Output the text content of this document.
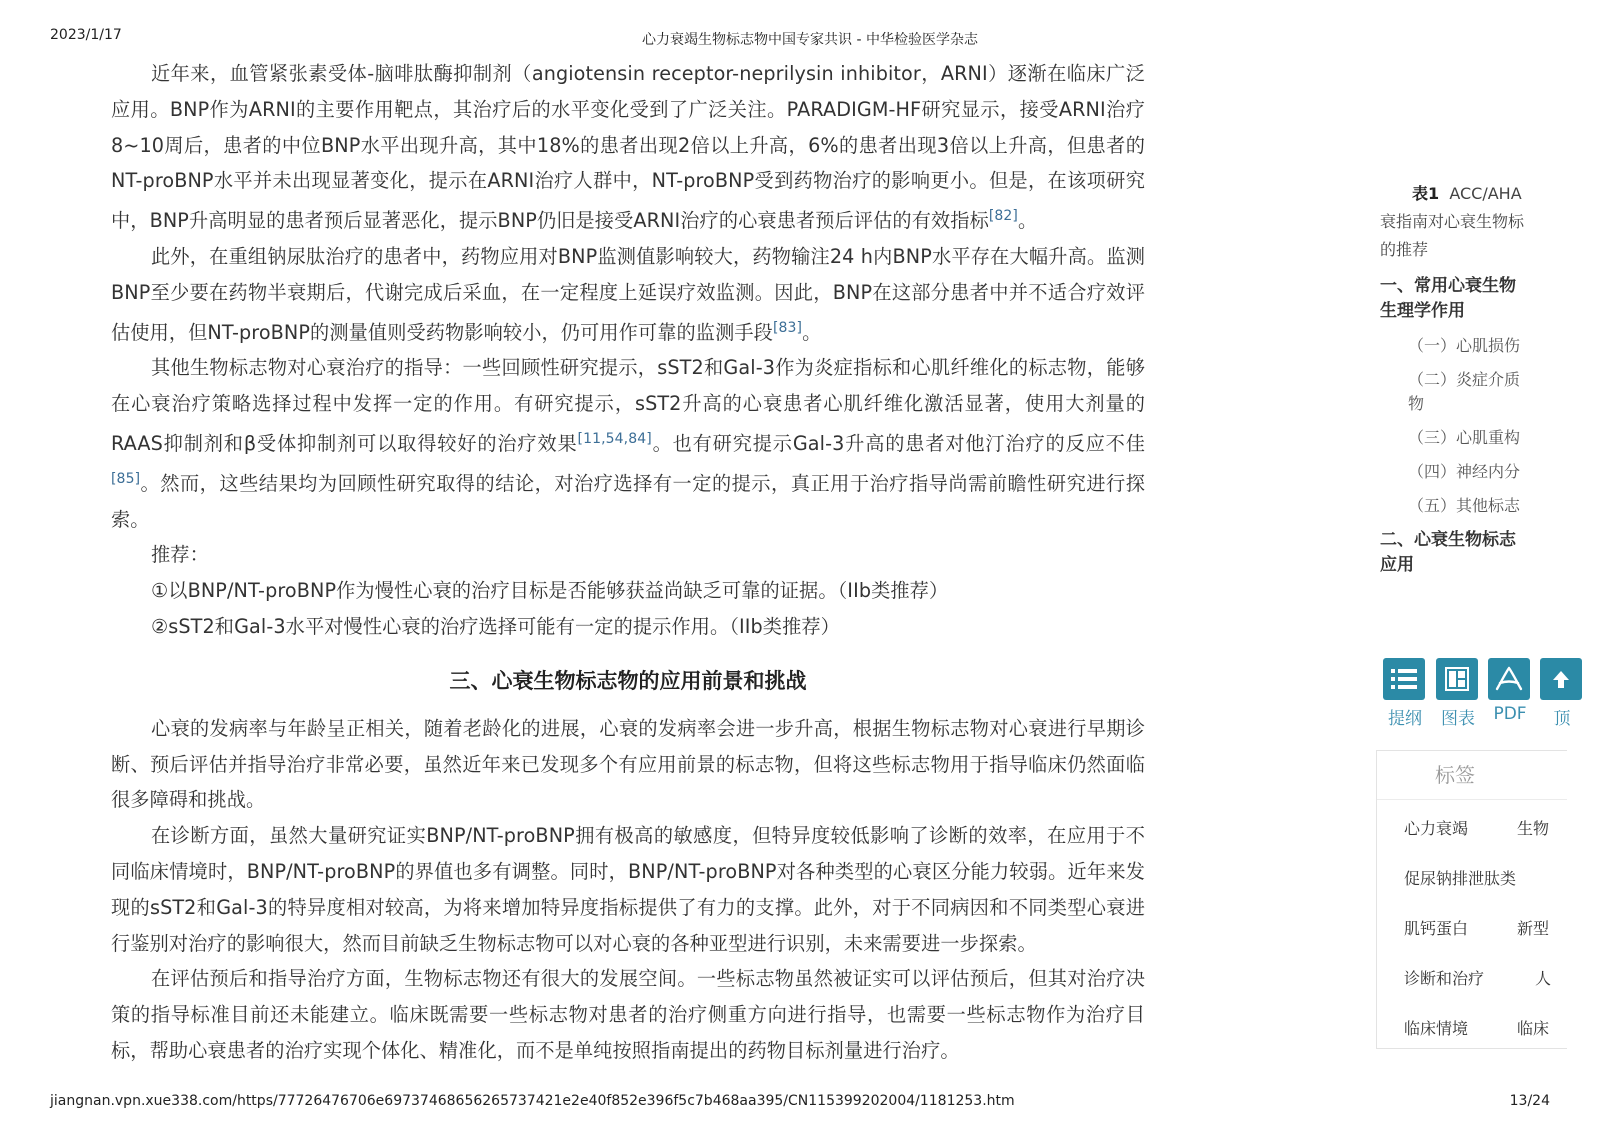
2023/1/17	心力衰竭生物标志物中国专家共识 - 中华检验医学杂志

近年来，血管紧张素受体-脑啡肽酶抑制剂（angiotensin receptor-neprilysin inhibitor，ARNI）逐渐在临床广泛应用。BNP作为ARNI的主要作用靶点，其治疗后的水平变化受到了广泛关注。PARADIGM-HF研究显示，接受ARNI治疗8~10周后，患者的中位BNP水平出现升高，其中18%的患者出现2倍以上升高，6%的患者出现3倍以上升高，但患者的NT-proBNP水平并未出现显著变化，提示在ARNI治疗人群中，NT-proBNP受到药物治疗的影响更小。但是，在该项研究中，BNP升高明显的患者预后显著恶化，提示BNP仍旧是接受ARNI治疗的心衰患者预后评估的有效指标[82]。

此外，在重组钠尿肽治疗的患者中，药物应用对BNP监测值影响较大，药物输注24 h内BNP水平存在大幅升高。监测BNP至少要在药物半衰期后，代谢完成后采血，在一定程度上延误疗效监测。因此，BNP在这部分患者中并不适合疗效评估使用，但NT-proBNP的测量值则受药物影响较小，仍可用作可靠的监测手段[83]。

其他生物标志物对心衰治疗的指导：一些回顾性研究提示，sST2和Gal-3作为炎症指标和心肌纤维化的标志物，能够在心衰治疗策略选择过程中发挥一定的作用。有研究提示，sST2升高的心衰患者心肌纤维化激活显著，使用大剂量的RAAS抑制剂和β受体抑制剂可以取得较好的治疗效果[11,54,84]。也有研究提示Gal-3升高的患者对他汀治疗的反应不佳[85]。然而，这些结果均为回顾性研究取得的结论，对治疗选择有一定的提示，真正用于治疗指导尚需前瞻性研究进行探索。

推荐：

①以BNP/NT-proBNP作为慢性心衰的治疗目标是否能够获益尚缺乏可靠的证据。（IIb类推荐）

②sST2和Gal-3水平对慢性心衰的治疗选择可能有一定的提示作用。（IIb类推荐）

三、心衰生物标志物的应用前景和挑战

心衰的发病率与年龄呈正相关，随着老龄化的进展，心衰的发病率会进一步升高，根据生物标志物对心衰进行早期诊断、预后评估并指导治疗非常必要，虽然近年来已发现多个有应用前景的标志物，但将这些标志物用于指导临床仍然面临很多障碍和挑战。

在诊断方面，虽然大量研究证实BNP/NT-proBNP拥有极高的敏感度，但特异度较低影响了诊断的效率，在应用于不同临床情境时，BNP/NT-proBNP的界值也多有调整。同时，BNP/NT-proBNP对各种类型的心衰区分能力较弱。近年来发现的sST2和Gal-3的特异度相对较高，为将来增加特异度指标提供了有力的支撑。此外，对于不同病因和不同类型心衰进行鉴别对治疗的影响很大，然而目前缺乏生物标志物可以对心衰的各种亚型进行识别，未来需要进一步探索。

在评估预后和指导治疗方面，生物标志物还有很大的发展空间。一些标志物虽然被证实可以评估预后，但其对治疗决策的指导标准目前还未能建立。临床既需要一些标志物对患者的治疗侧重方向进行指导，也需要一些标志物作为治疗目标，帮助心衰患者的治疗实现个体化、精准化，而不是单纯按照指南提出的药物目标剂量进行治疗。

表1 ACC/AHA
衰指南对心衰生物标
的推荐
一、常用心衰生物
生理学作用
（一）心肌损伤
（二）炎症介质
物
（三）心肌重构
（四）神经内分
（五）其他标志
二、心衰生物标志
应用
提纲 图表	PDF	顶
标签
心力衰竭	生物
促尿钠排泄肽类
肌钙蛋白	新型
诊断和治疗	人
临床情境	临床
jiangnan.vpn.xue338.com/https/77726476706e69737468656265737421e2e40f852e396f5c7b468aa395/CN115399202004/1181253.htm	13/24
